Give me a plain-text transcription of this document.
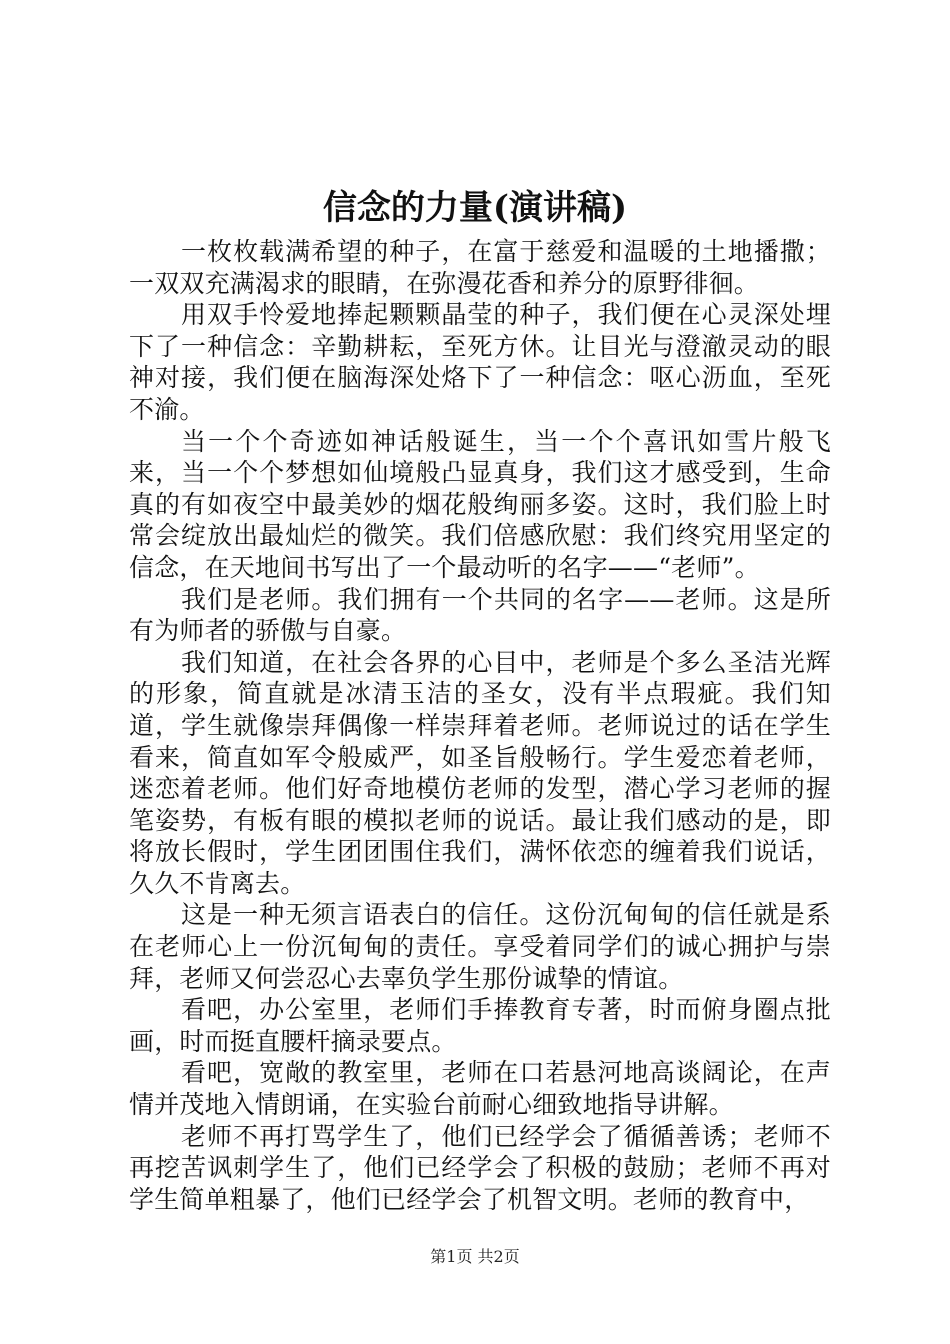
信念的力量(演讲稿)

一枚枚载满希望的种子，在富于慈爱和温暖的土地播撒；一双双充满渴求的眼睛，在弥漫花香和养分的原野徘徊。

用双手怜爱地捧起颗颗晶莹的种子，我们便在心灵深处埋下了一种信念：辛勤耕耘，至死方休。让目光与澄澈灵动的眼神对接，我们便在脑海深处烙下了一种信念：呕心沥血，至死不渝。

当一个个奇迹如神话般诞生，当一个个喜讯如雪片般飞来，当一个个梦想如仙境般凸显真身，我们这才感受到，生命真的有如夜空中最美妙的烟花般绚丽多姿。这时，我们脸上时常会绽放出最灿烂的微笑。我们倍感欣慰：我们终究用坚定的信念，在天地间书写出了一个最动听的名字——“老师”。

我们是老师。我们拥有一个共同的名字——老师。这是所有为师者的骄傲与自豪。

我们知道，在社会各界的心目中，老师是个多么圣洁光辉的形象，简直就是冰清玉洁的圣女，没有半点瑕疵。我们知道，学生就像崇拜偶像一样崇拜着老师。老师说过的话在学生看来，简直如军令般威严，如圣旨般畅行。学生爱恋着老师，迷恋着老师。他们好奇地模仿老师的发型，潜心学习老师的握笔姿势，有板有眼的模拟老师的说话。最让我们感动的是，即将放长假时，学生团团围住我们，满怀依恋的缠着我们说话，久久不肯离去。

这是一种无须言语表白的信任。这份沉甸甸的信任就是系在老师心上一份沉甸甸的责任。享受着同学们的诚心拥护与崇拜，老师又何尝忍心去辜负学生那份诚挚的情谊。

看吧，办公室里，老师们手捧教育专著，时而俯身圈点批画，时而挺直腰杆摘录要点。

看吧，宽敞的教室里，老师在口若悬河地高谈阔论，在声情并茂地入情朗诵，在实验台前耐心细致地指导讲解。

老师不再打骂学生了，他们已经学会了循循善诱；老师不再挖苦讽刺学生了，他们已经学会了积极的鼓励；老师不再对学生简单粗暴了，他们已经学会了机智文明。老师的教育中，

第1页 共2页
